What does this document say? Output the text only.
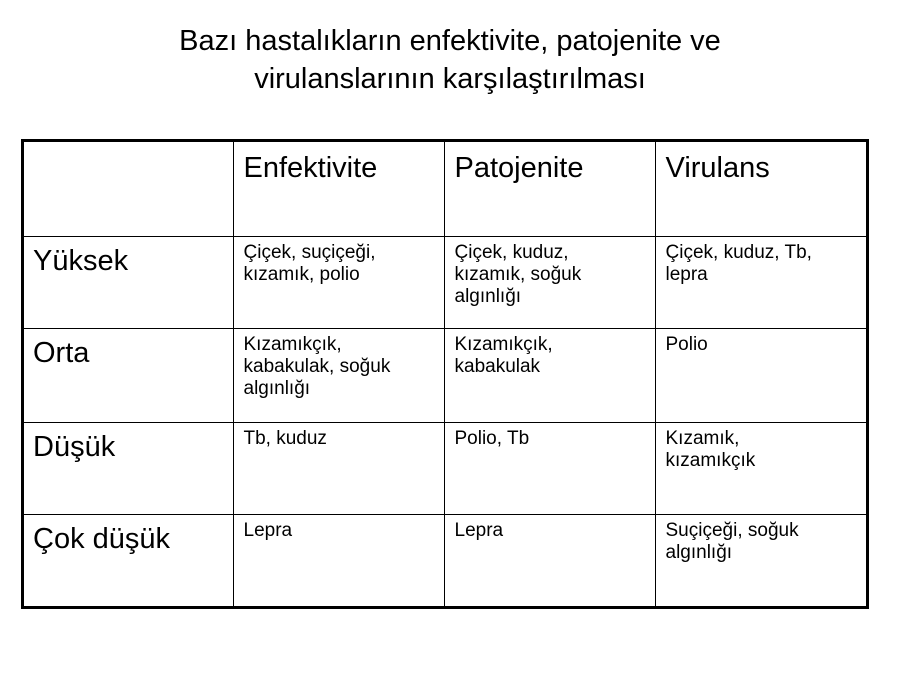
Bazı hastalıkların enfektivite, patojenite ve
virulanslarının karşılaştırılması
	Enfektivite	Patojenite	Virulans
Yüksek	Çiçek, suçiçeği,
kızamık, polio	Çiçek, kuduz,
kızamık, soğuk
algınlığı	Çiçek, kuduz, Tb,
lepra
Orta	Kızamıkçık,
kabakulak, soğuk
algınlığı	Kızamıkçık,
kabakulak	Polio
Düşük	Tb, kuduz	Polio, Tb	Kızamık,
kızamıkçık
Çok düşük	Lepra	Lepra	Suçiçeği, soğuk
algınlığı
